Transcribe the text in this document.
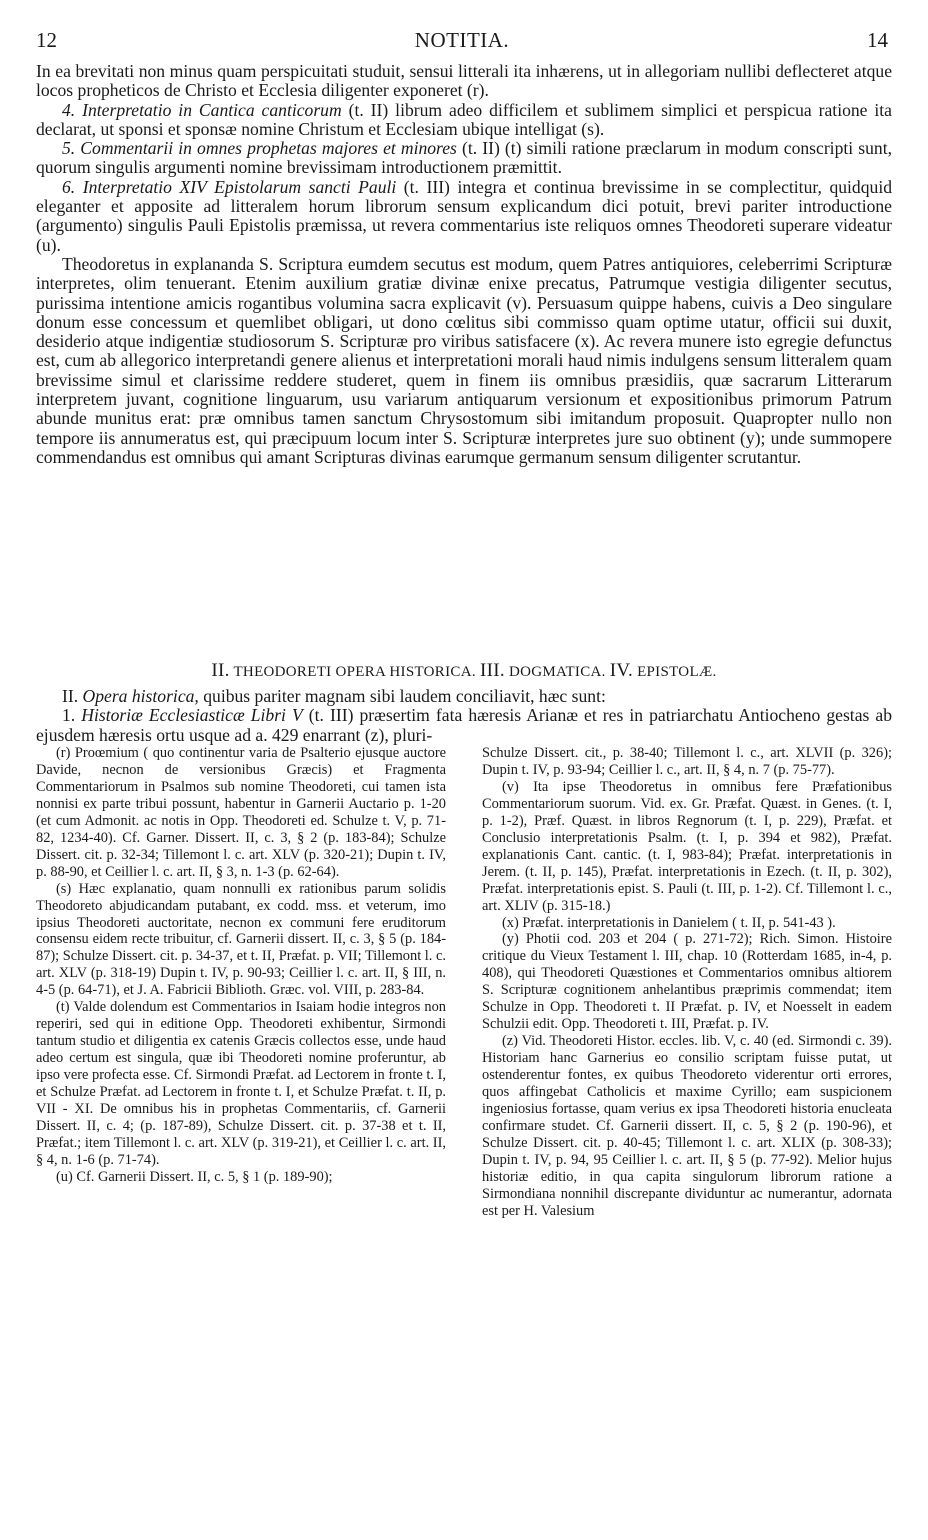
12	NOTITIA.	14

In ea brevitati non minus quam perspicuitati studuit, sensui litterali ita inhærens, ut in allegoriam nullibi deflecteret atque locos propheticos de Christo et Ecclesia diligenter exponeret (r).

4. Interpretatio in Cantica canticorum (t. II) librum adeo difficilem et sublimem simplici et perspicua ratione ita declarat, ut sponsi et sponsæ nomine Christum et Ecclesiam ubique intelligat (s).

5. Commentarii in omnes prophetas majores et minores (t. II) (t) simili ratione præclarum in modum conscripti sunt, quorum singulis argumenti nomine brevissimam introductionem præmittit.

6. Interpretatio XIV Epistolarum sancti Pauli (t. III) integra et continua brevissime in se complectitur, quidquid eleganter et apposite ad litteralem horum librorum sensum explicandum dici potuit, brevi pariter introductione (argumento) singulis Pauli Epistolis præmissa, ut revera commentarius iste reliquos omnes Theodoreti superare videatur (u).

Theodoretus in explananda S. Scriptura eumdem secutus est modum, quem Patres antiquiores, celeberrimi Scripturæ interpretes, olim tenuerant. Etenim auxilium gratiæ divinæ enixe precatus, Patrumque vestigia diligenter secutus, purissima intentione amicis rogantibus volumina sacra explicavit (v). Persuasum quippe habens, cuivis a Deo singulare donum esse concessum et quemlibet obligari, ut dono cœlitus sibi commisso quam optime utatur, officii sui duxit, desiderio atque indigentiæ studiosorum S. Scripturæ pro viribus satisfacere (x). Ac revera munere isto egregie defunctus est, cum ab allegorico interpretandi genere alienus et interpretationi morali haud nimis indulgens sensum litteralem quam brevissime simul et clarissime reddere studeret, quem in finem iis omnibus præsidiis, quæ sacrarum Litterarum interpretem juvant, cognitione linguarum, usu variarum antiquarum versionum et expositionibus primorum Patrum abunde munitus erat: præ omnibus tamen sanctum Chrysostomum sibi imitandum proposuit. Quapropter nullo non tempore iis annumeratus est, qui præcipuum locum inter S. Scripturæ interpretes jure suo obtinent (y); unde summopere commendandus est omnibus qui amant Scripturas divinas earumque germanum sensum diligenter scrutantur.

II. THEODORETI OPERA HISTORICA. III. DOGMATICA. IV. EPISTOLÆ.

II. Opera historica, quibus pariter magnam sibi laudem conciliavit, hæc sunt:

1. Historiæ Ecclesiasticæ Libri V (t. III) præsertim fata hæresis Arianæ et res in patriarchatu Antiocheno gestas ab ejusdem hæresis ortu usque ad a. 429 enarrant (z), pluri-

(r) Proœmium ( quo continentur varia de Psalterio ejusque auctore Davide, necnon de versionibus Græcis) et Fragmenta Commentariorum in Psalmos sub nomine Theodoreti, cui tamen ista nonnisi ex parte tribui possunt, habentur in Garnerii Auctario p. 1-20 (et cum Admonit. ac notis in Opp. Theodoreti ed. Schulze t. V, p. 71-82, 1234-40). Cf. Garner. Dissert. II, c. 3, § 2 (p. 183-84); Schulze Dissert. cit. p. 32-34; Tillemont l. c. art. XLV (p. 320-21); Dupin t. IV, p. 88-90, et Ceillier l. c. art. II, § 3, n. 1-3 (p. 62-64).

(s) Hæc explanatio, quam nonnulli ex rationibus parum solidis Theodoreto abjudicandam putabant, ex codd. mss. et veterum, imo ipsius Theodoreti auctoritate, necnon ex communi fere eruditorum consensu eidem recte tribuitur, cf. Garnerii dissert. II, c. 3, § 5 (p. 184-87); Schulze Dissert. cit. p. 34-37, et t. II, Præfat. p. VII; Tillemont l. c. art. XLV (p. 318-19) Dupin t. IV, p. 90-93; Ceillier l. c. art. II, § III, n. 4-5 (p. 64-71), et J. A. Fabricii Biblioth. Græc. vol. VIII, p. 283-84.

(t) Valde dolendum est Commentarios in Isaiam hodie integros non reperiri, sed qui in editione Opp. Theodoreti exhibentur, Sirmondi tantum studio et diligentia ex catenis Græcis collectos esse, unde haud adeo certum est singula, quæ ibi Theodoreti nomine proferuntur, ab ipso vere profecta esse. Cf. Sirmondi Præfat. ad Lectorem in fronte t. I, et Schulze Præfat. ad Lectorem in fronte t. I, et Schulze Præfat. t. II, p. VII - XI. De omnibus his in prophetas Commentariis, cf. Garnerii Dissert. II, c. 4; (p. 187-89), Schulze Dissert. cit. p. 37-38 et t. II, Præfat.; item Tillemont l. c. art. XLV (p. 319-21), et Ceillier l. c. art. II, § 4, n. 1-6 (p. 71-74).

(u) Cf. Garnerii Dissert. II, c. 5, § 1 (p. 189-90);

Schulze Dissert. cit., p. 38-40; Tillemont l. c., art. XLVII (p. 326); Dupin t. IV, p. 93-94; Ceillier l. c., art. II, § 4, n. 7 (p. 75-77).

(v) Ita ipse Theodoretus in omnibus fere Præfationibus Commentariorum suorum. Vid. ex. Gr. Præfat. Quæst. in Genes. (t. I, p. 1-2), Præf. Quæst. in libros Regnorum (t. I, p. 229), Præfat. et Conclusio interpretationis Psalm. (t. I, p. 394 et 982), Præfat. explanationis Cant. cantic. (t. I, 983-84); Præfat. interpretationis in Jerem. (t. II, p. 145), Præfat. interpretationis in Ezech. (t. II, p. 302), Præfat. interpretationis epist. S. Pauli (t. III, p. 1-2). Cf. Tillemont l. c., art. XLIV (p. 315-18.)

(x) Præfat. interpretationis in Danielem ( t. II, p. 541-43 ).

(y) Photii cod. 203 et 204 ( p. 271-72); Rich. Simon. Histoire critique du Vieux Testament l. III, chap. 10 (Rotterdam 1685, in-4, p. 408), qui Theodoreti Quæstiones et Commentarios omnibus altiorem S. Scripturæ cognitionem anhelantibus præprimis commendat; item Schulze in Opp. Theodoreti t. II Præfat. p. IV, et Noesselt in eadem Schulzii edit. Opp. Theodoreti t. III, Præfat. p. IV.

(z) Vid. Theodoreti Histor. eccles. lib. V, c. 40 (ed. Sirmondi c. 39). Historiam hanc Garnerius eo consilio scriptam fuisse putat, ut ostenderentur fontes, ex quibus Theodoreto viderentur orti errores, quos affingebat Catholicis et maxime Cyrillo; eam suspicionem ingeniosius fortasse, quam verius ex ipsa Theodoreti historia enucleata confirmare studet. Cf. Garnerii dissert. II, c. 5, § 2 (p. 190-96), et Schulze Dissert. cit. p. 40-45; Tillemont l. c. art. XLIX (p. 308-33); Dupin t. IV, p. 94, 95 Ceillier l. c. art. II, § 5 (p. 77-92). Melior hujus historiæ editio, in qua capita singulorum librorum ratione a Sirmondiana nonnihil discrepante dividuntur ac numerantur, adornata est per H. Valesium
